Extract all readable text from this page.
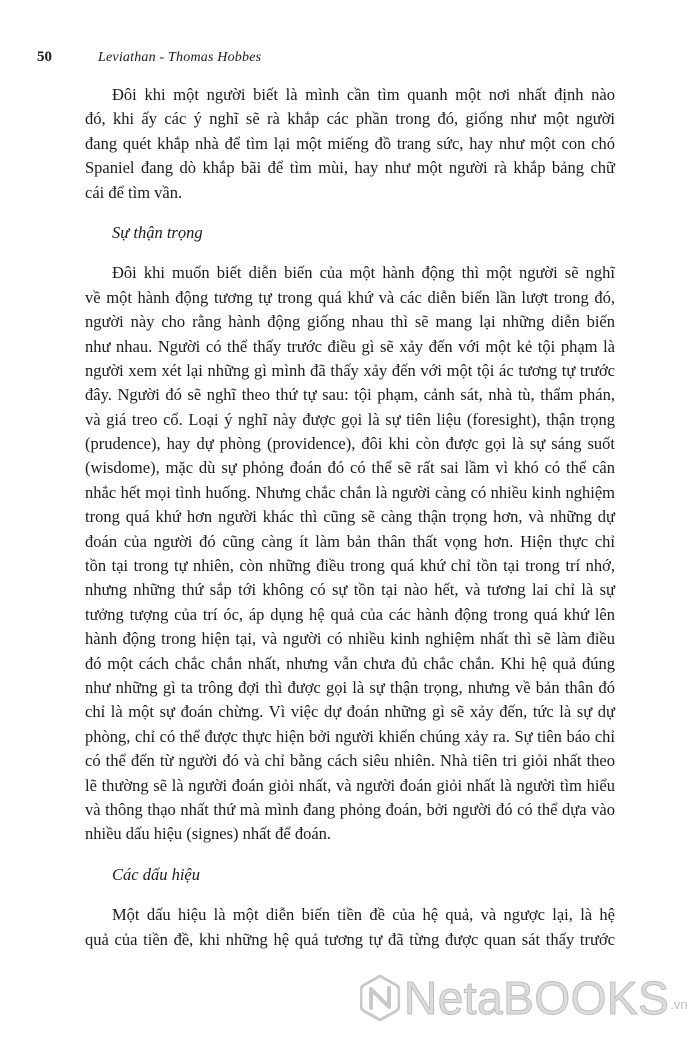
50	Leviathan - Thomas Hobbes
Đôi khi một người biết là mình cần tìm quanh một nơi nhất định nào
đó, khi ấy các ý nghĩ sẽ rà khắp các phần trong đó, giống như một người
đang quét khắp nhà để tìm lại một miếng đồ trang sức, hay như một con chó
Spaniel đang dò khắp bãi để tìm mùi, hay như một người rà khắp bảng chữ
cái để tìm vần.
Sự thận trọng
Đôi khi muốn biết diễn biến của một hành động thì một người sẽ nghĩ
về một hành động tương tự trong quá khứ và các diễn biến lần lượt trong đó,
người này cho rằng hành động giống nhau thì sẽ mang lại những diễn biến
như nhau. Người có thể thấy trước điều gì sẽ xảy đến với một kẻ tội phạm là
người xem xét lại những gì mình đã thấy xảy đến với một tội ác tương tự trước
đây. Người đó sẽ nghĩ theo thứ tự sau: tội phạm, cảnh sát, nhà tù, thẩm phán,
và giá treo cổ. Loại ý nghĩ này được gọi là sự tiên liệu (foresight), thận trọng
(prudence), hay dự phòng (providence), đôi khi còn được gọi là sự sáng suốt
(wisdome), mặc dù sự phỏng đoán đó có thể sẽ rất sai lầm vì khó có thể cân
nhắc hết mọi tình huống. Nhưng chắc chắn là người càng có nhiều kinh nghiệm
trong quá khứ hơn người khác thì cũng sẽ càng thận trọng hơn, và những dự
đoán của người đó cũng càng ít làm bản thân thất vọng hơn. Hiện thực chỉ
tồn tại trong tự nhiên, còn những điều trong quá khứ chỉ tồn tại trong trí nhớ,
nhưng những thứ sắp tới không có sự tồn tại nào hết, và tương lai chỉ là sự
tưởng tượng của trí óc, áp dụng hệ quả của các hành động trong quá khứ lên
hành động trong hiện tại, và người có nhiều kinh nghiệm nhất thì sẽ làm điều
đó một cách chắc chắn nhất, nhưng vẫn chưa đủ chắc chắn. Khi hệ quả đúng
như những gì ta trông đợi thì được gọi là sự thận trọng, nhưng về bản thân đó
chỉ là một sự đoán chừng. Vì việc dự đoán những gì sẽ xảy đến, tức là sự dự
phòng, chỉ có thể được thực hiện bởi người khiến chúng xảy ra. Sự tiên báo chỉ
có thể đến từ người đó và chỉ bằng cách siêu nhiên. Nhà tiên tri giỏi nhất theo
lẽ thường sẽ là người đoán giỏi nhất, và người đoán giỏi nhất là người tìm hiểu
và thông thạo nhất thứ mà mình đang phỏng đoán, bởi người đó có thể dựa vào
nhiều dấu hiệu (signes) nhất để đoán.
Các dấu hiệu
Một dấu hiệu là một diễn biến tiền đề của hệ quả, và ngược lại, là hệ
quả của tiền đề, khi những hệ quả tương tự đã từng được quan sát thấy trước
NetaBOOKS .vn
